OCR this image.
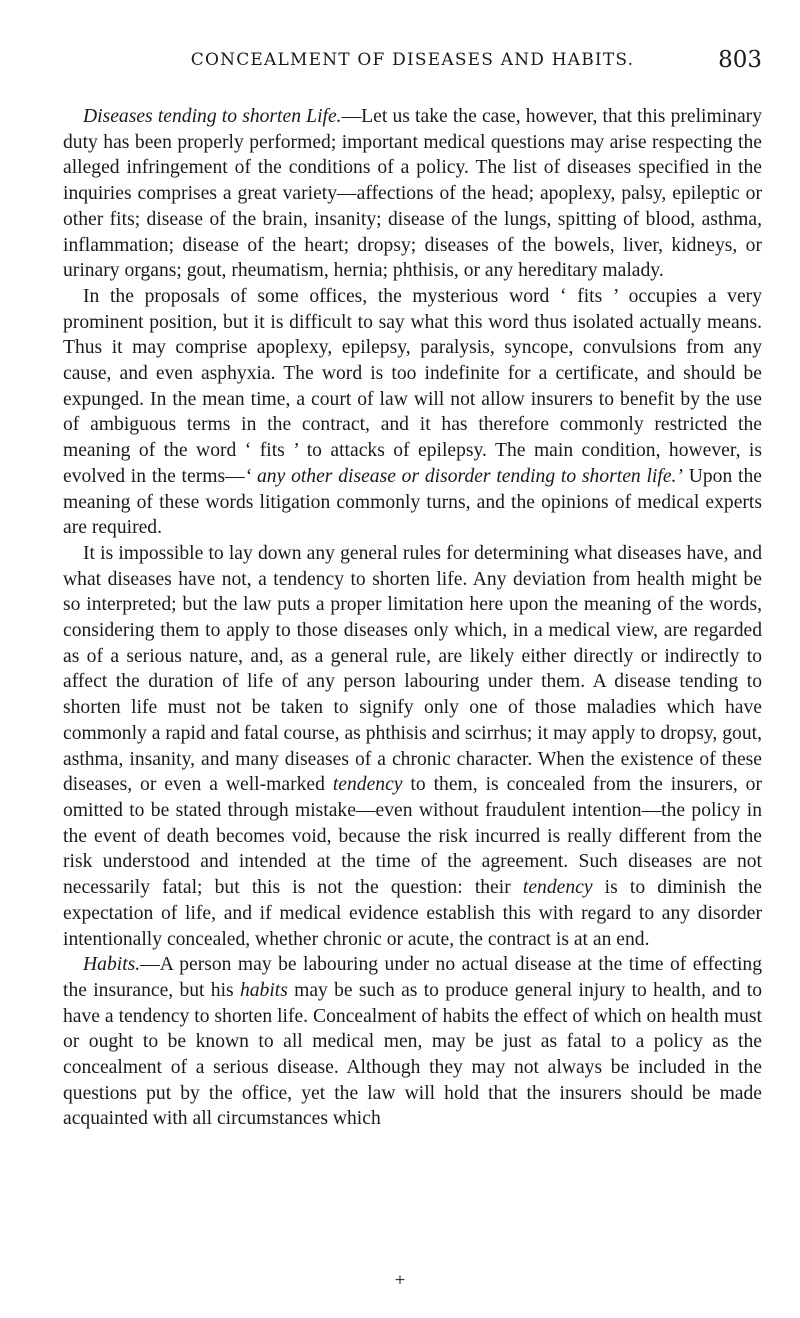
CONCEALMENT OF DISEASES AND HABITS.	803

Diseases tending to shorten Life.—Let us take the case, however, that this preliminary duty has been properly performed; important medical questions may arise respecting the alleged infringement of the conditions of a policy. The list of diseases specified in the inquiries comprises a great variety—affections of the head; apoplexy, palsy, epileptic or other fits; disease of the brain, insanity; disease of the lungs, spitting of blood, asthma, inflammation; disease of the heart; dropsy; diseases of the bowels, liver, kidneys, or urinary organs; gout, rheumatism, hernia; phthisis, or any hereditary malady.

In the proposals of some offices, the mysterious word ‘ fits ’ occupies a very prominent position, but it is difficult to say what this word thus isolated actually means. Thus it may comprise apoplexy, epilepsy, paralysis, syncope, convulsions from any cause, and even asphyxia. The word is too indefinite for a certificate, and should be expunged. In the mean time, a court of law will not allow insurers to benefit by the use of ambiguous terms in the contract, and it has therefore commonly restricted the meaning of the word ‘ fits ’ to attacks of epilepsy. The main condition, however, is evolved in the terms—‘ any other disease or disorder tending to shorten life.’ Upon the meaning of these words litigation commonly turns, and the opinions of medical experts are required.

It is impossible to lay down any general rules for determining what diseases have, and what diseases have not, a tendency to shorten life. Any deviation from health might be so interpreted; but the law puts a proper limitation here upon the meaning of the words, considering them to apply to those diseases only which, in a medical view, are regarded as of a serious nature, and, as a general rule, are likely either directly or indirectly to affect the duration of life of any person labouring under them. A disease tending to shorten life must not be taken to signify only one of those maladies which have commonly a rapid and fatal course, as phthisis and scirrhus; it may apply to dropsy, gout, asthma, insanity, and many diseases of a chronic character. When the existence of these diseases, or even a well-marked tendency to them, is concealed from the insurers, or omitted to be stated through mistake—even without fraudulent intention—the policy in the event of death becomes void, because the risk incurred is really different from the risk understood and intended at the time of the agreement. Such diseases are not necessarily fatal; but this is not the question: their tendency is to diminish the expectation of life, and if medical evidence establish this with regard to any disorder intentionally concealed, whether chronic or acute, the contract is at an end.

Habits.—A person may be labouring under no actual disease at the time of effecting the insurance, but his habits may be such as to produce general injury to health, and to have a tendency to shorten life. Concealment of habits the effect of which on health must or ought to be known to all medical men, may be just as fatal to a policy as the concealment of a serious disease. Although they may not always be included in the questions put by the office, yet the law will hold that the insurers should be made acquainted with all circumstances which

+
